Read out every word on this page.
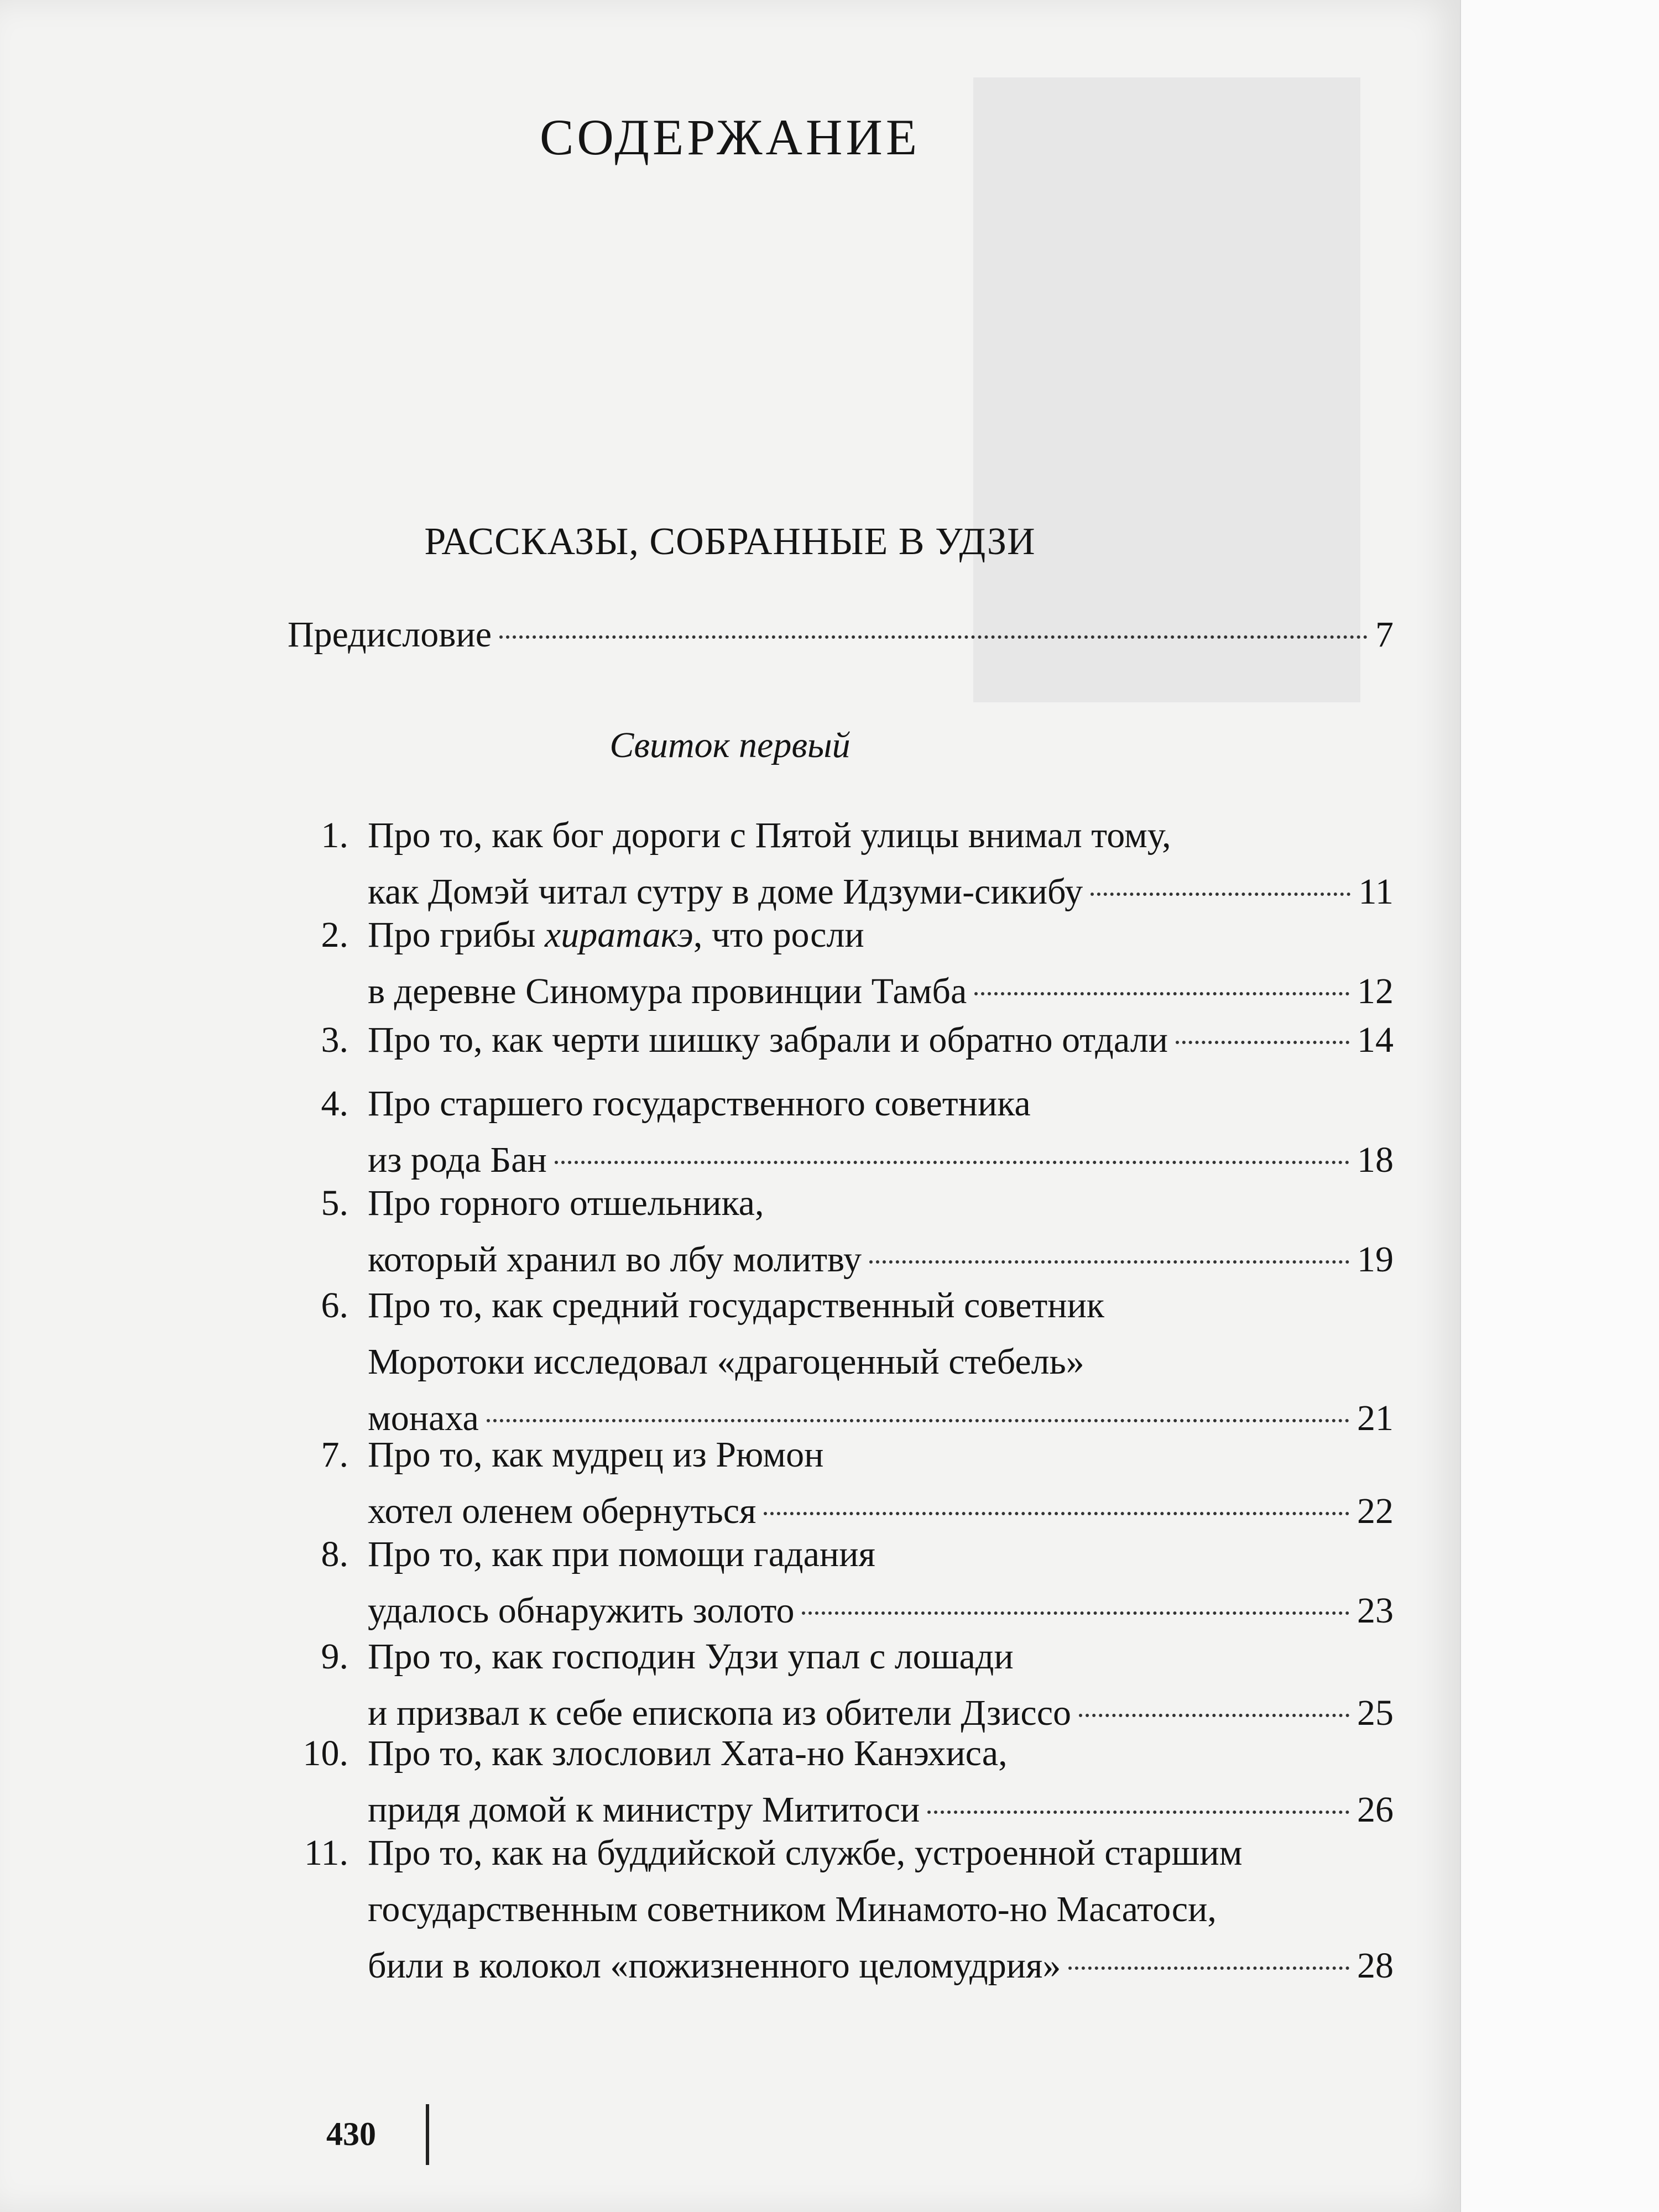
СОДЕРЖАНИЕ
РАССКАЗЫ, СОБРАННЫЕ В УДЗИ
Предисловие	7
Свиток первый
1. Про то, как бог дороги с Пятой улицы внимал тому,
как Домэй читал сутру в доме Идзуми-сикибу	11
2. Про грибы хиратакэ, что росли
в деревне Синомура провинции Тамба	12
3. Про то, как черти шишку забрали и обратно отдали	14
4. Про старшего государственного советника
из рода Бан	18
5. Про горного отшельника,
который хранил во лбу молитву	19
6. Про то, как средний государственный советник
Моротоки исследовал «драгоценный стебель»
монаха	21
7. Про то, как мудрец из Рюмон
хотел оленем обернуться	22
8. Про то, как при помощи гадания
удалось обнаружить золото	23
9. Про то, как господин Удзи упал с лошади
и призвал к себе епископа из обители Дзиссо	25
10. Про то, как злословил Хата-но Канэхиса,
придя домой к министру Мититоси	26
11. Про то, как на буддийской службе, устроенной старшим
государственным советником Минамото-но Масатоси,
били в колокол «пожизненного целомудрия»	28
430
